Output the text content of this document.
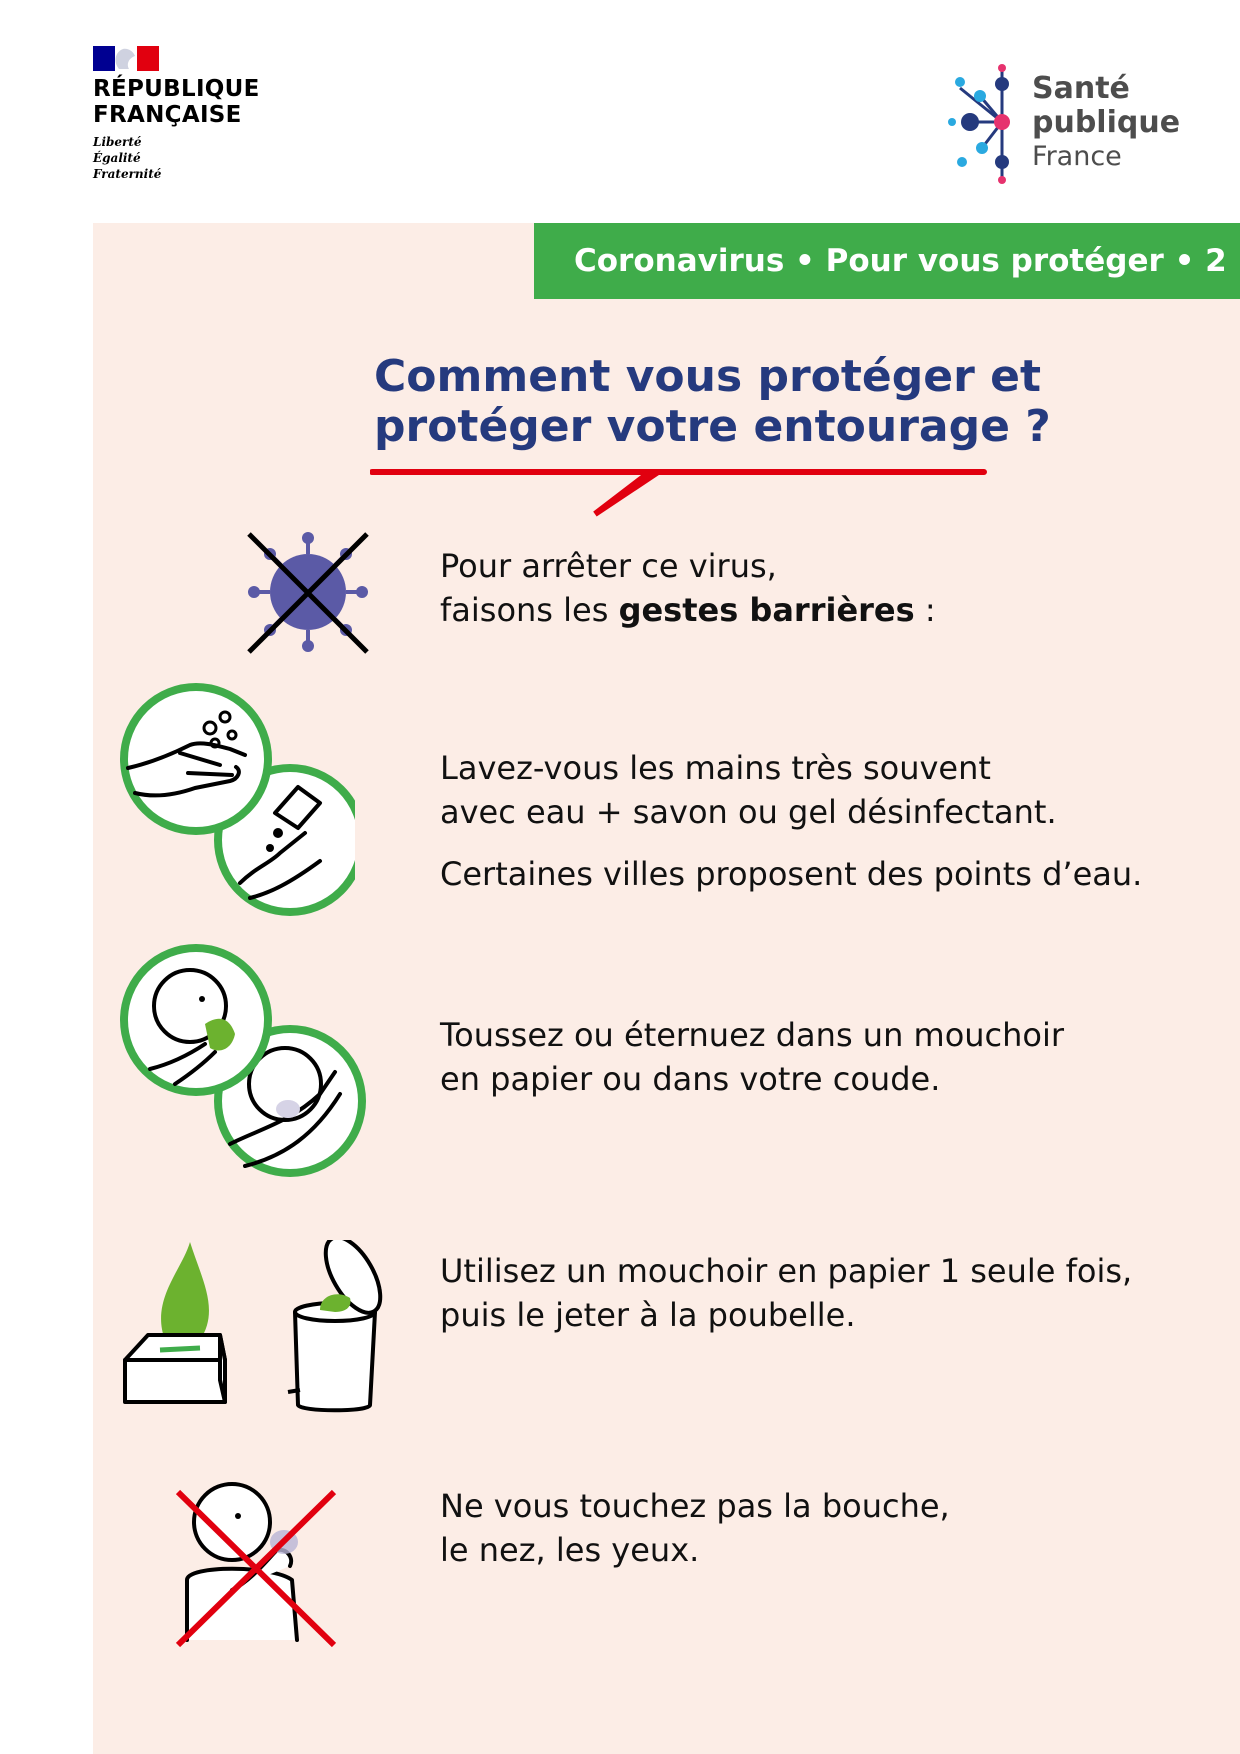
RÉPUBLIQUE
FRANÇAISE
Liberté
Égalité
Fraternité
Santé
publique
France
Coronavirus • Pour vous protéger • 2
Comment vous protéger et
protéger votre entourage ?

Pour arrêter ce virus,

faisons les gestes barrières :

Lavez-vous les mains très souvent

avec eau + savon ou gel désinfectant.

Certaines villes proposent des points d’eau.

Toussez ou éternuez dans un mouchoir

en papier ou dans votre coude.

Utilisez un mouchoir en papier 1 seule fois,

puis le jeter à la poubelle.

Ne vous touchez pas la bouche,

le nez, les yeux.
